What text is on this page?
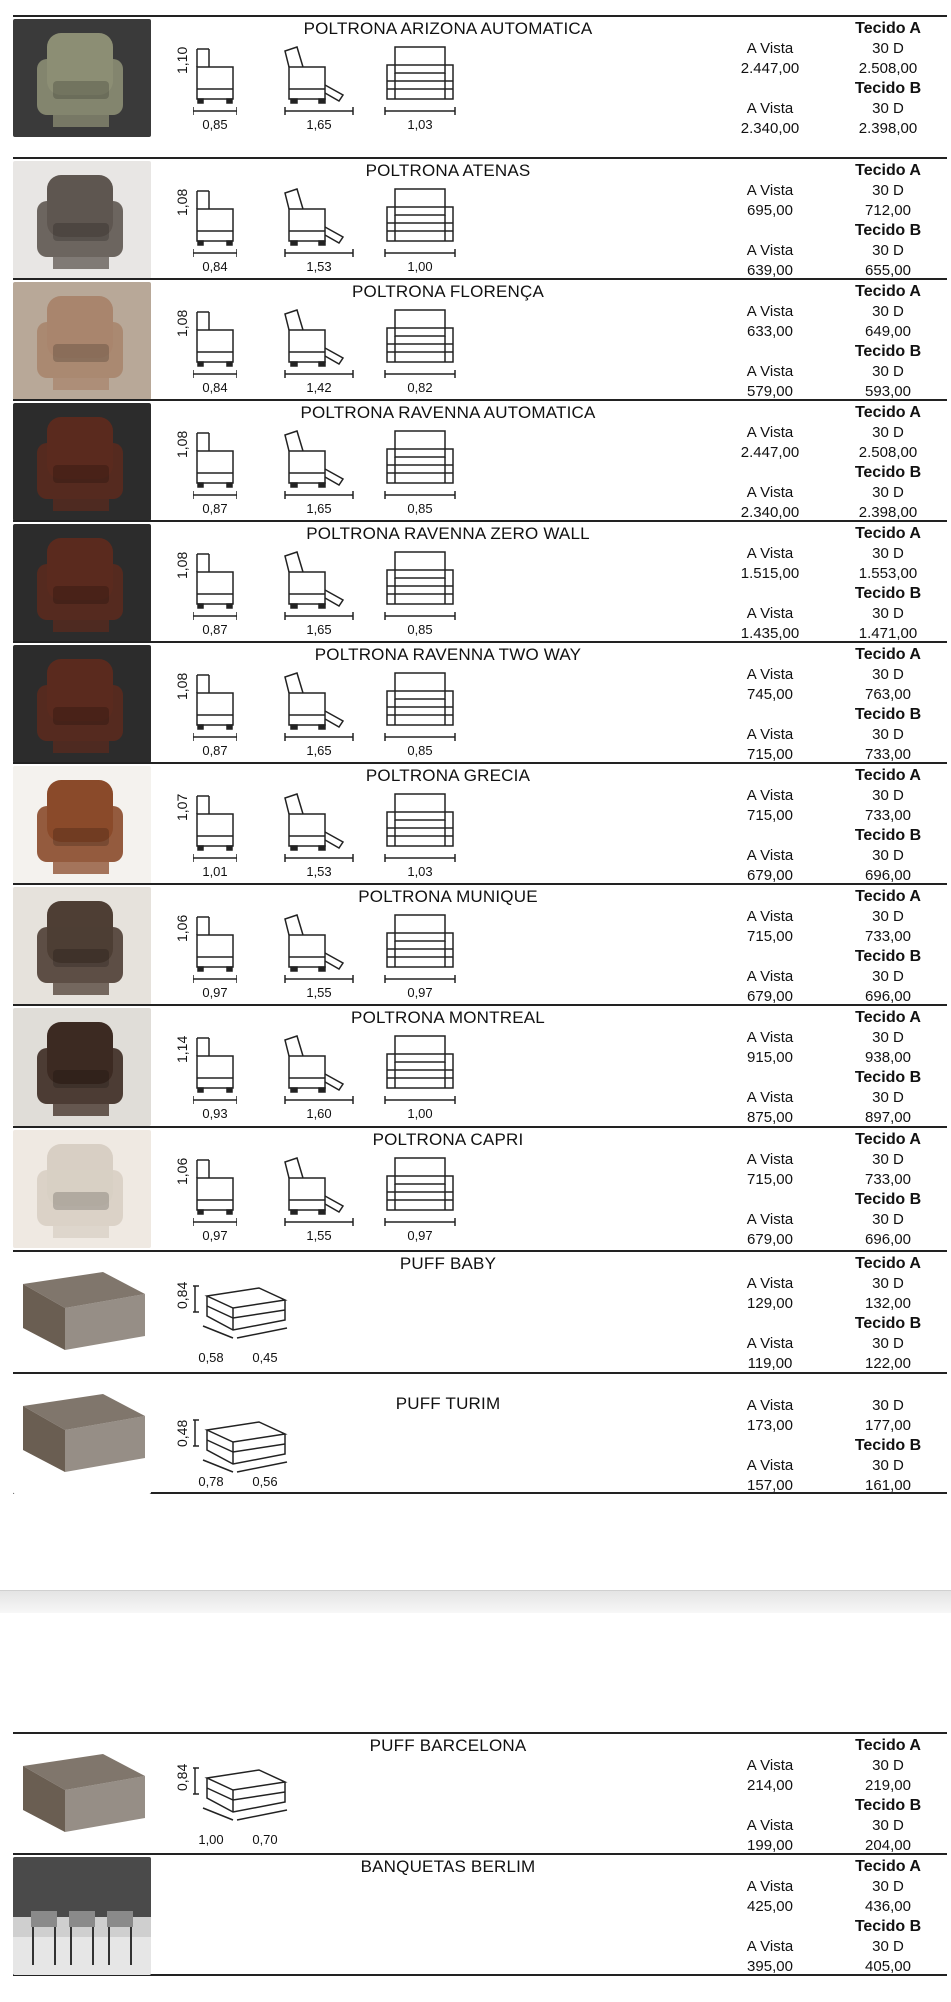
POLTRONA ARIZONA AUTOMATICA
1,10
0,85	1,65	1,03
Tecido A
A Vista	30 D
2.447,00	2.508,00
Tecido B
A Vista	30 D
2.340,00	2.398,00
POLTRONA ATENAS
1,08
0,84	1,53	1,00
Tecido A
A Vista	30 D
695,00	712,00
Tecido B
A Vista	30 D
639,00	655,00
POLTRONA FLORENÇA
1,08
0,84	1,42	0,82
Tecido A
A Vista	30 D
633,00	649,00
Tecido B
A Vista	30 D
579,00	593,00
POLTRONA RAVENNA AUTOMATICA
1,08
0,87	1,65	0,85
Tecido A
A Vista	30 D
2.447,00	2.508,00
Tecido B
A Vista	30 D
2.340,00	2.398,00
POLTRONA RAVENNA ZERO WALL
1,08
0,87	1,65	0,85
Tecido A
A Vista	30 D
1.515,00	1.553,00
Tecido B
A Vista	30 D
1.435,00	1.471,00
POLTRONA RAVENNA TWO WAY
1,08
0,87	1,65	0,85
Tecido A
A Vista	30 D
745,00	763,00
Tecido B
A Vista	30 D
715,00	733,00
POLTRONA GRECIA
1,07
1,01	1,53	1,03
Tecido A
A Vista	30 D
715,00	733,00
Tecido B
A Vista	30 D
679,00	696,00
POLTRONA MUNIQUE
1,06
0,97	1,55	0,97
Tecido A
A Vista	30 D
715,00	733,00
Tecido B
A Vista	30 D
679,00	696,00
POLTRONA MONTREAL
1,14
0,93	1,60	1,00
Tecido A
A Vista	30 D
915,00	938,00
Tecido B
A Vista	30 D
875,00	897,00
POLTRONA CAPRI
1,06
0,97	1,55	0,97
Tecido A
A Vista	30 D
715,00	733,00
Tecido B
A Vista	30 D
679,00	696,00
PUFF BABY
0,84
0,58	0,45
Tecido A
A Vista	30 D
129,00	132,00
Tecido B
A Vista	30 D
119,00	122,00
PUFF TURIM
0,48
0,78	0,56
A Vista	30 D
173,00	177,00
Tecido B
A Vista	30 D
157,00	161,00
PUFF BARCELONA
0,84
1,00	0,70
Tecido A
A Vista	30 D
214,00	219,00
Tecido B
A Vista	30 D
199,00	204,00
BANQUETAS BERLIM	Tecido A
A Vista	30 D
425,00	436,00
Tecido B
A Vista	30 D
395,00	405,00
